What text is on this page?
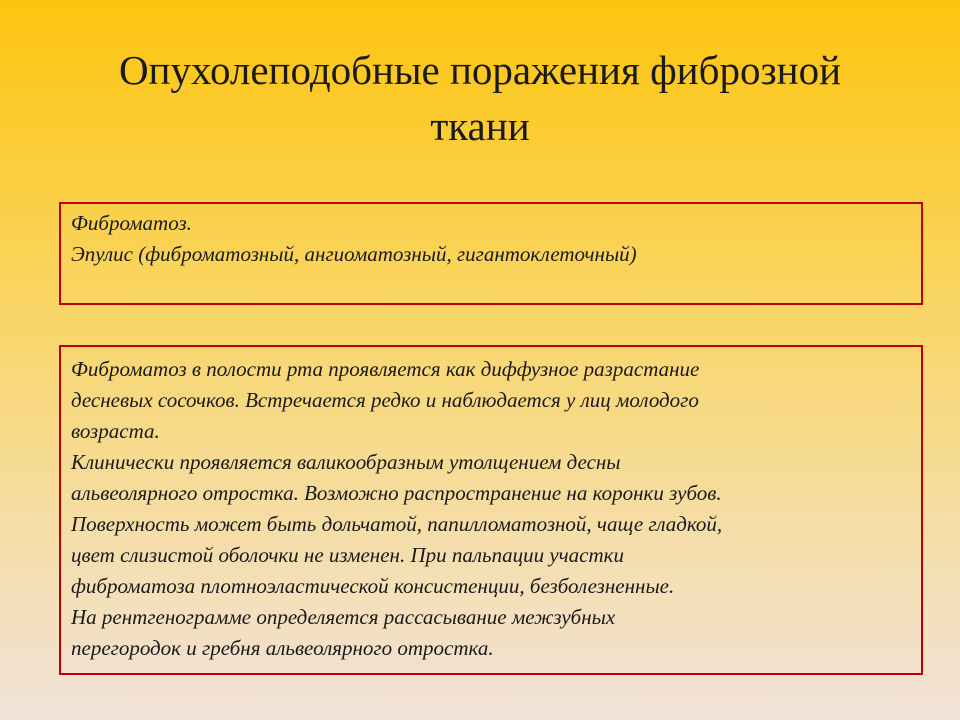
Опухолеподобные поражения фиброзной
ткани
Фиброматоз.
Эпулис (фиброматозный, ангиоматозный, гигантоклеточный)
Фиброматоз в полости рта проявляется как диффузное разрастание
десневых сосочков. Встречается редко и наблюдается у лиц молодого
возраста.
Клинически проявляется валикообразным утолщением десны
альвеолярного отростка. Возможно распространение на коронки зубов.
Поверхность может быть дольчатой, папилломатозной, чаще гладкой,
цвет слизистой оболочки не изменен. При пальпации участки
фиброматоза плотноэластической консистенции, безболезненные.
На рентгенограмме определяется рассасывание межзубных
перегородок и гребня альвеолярного отростка.
